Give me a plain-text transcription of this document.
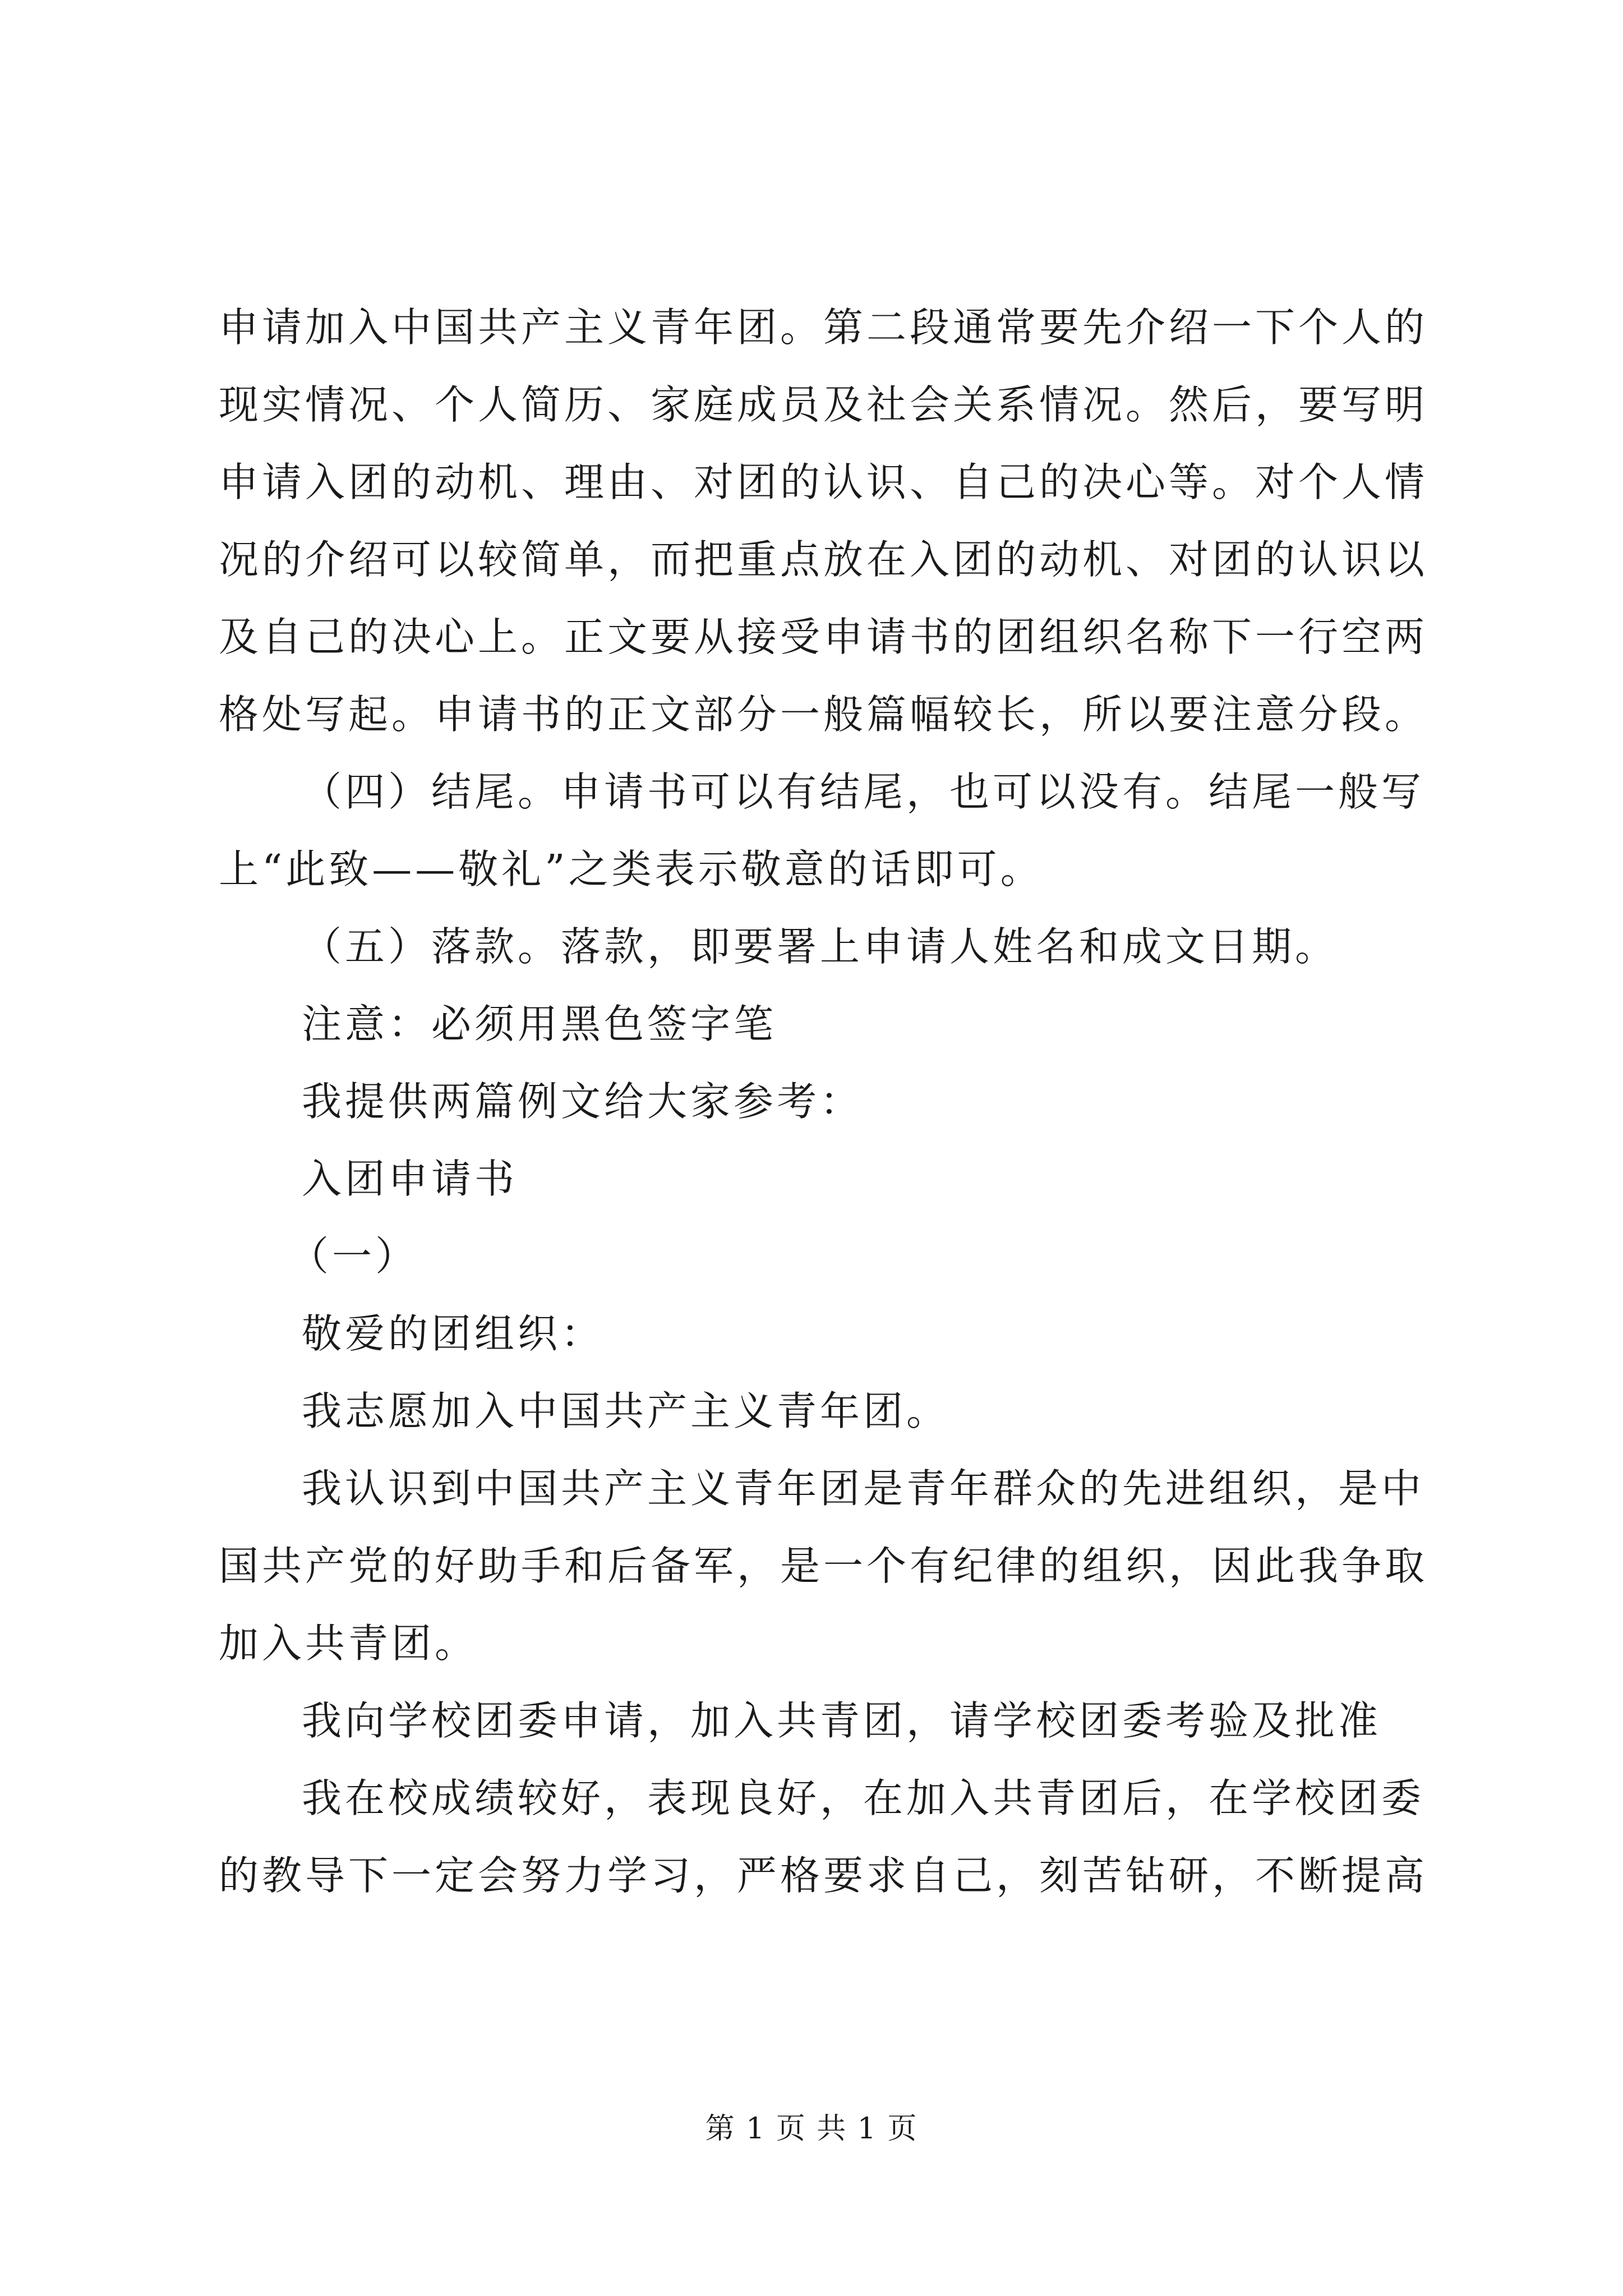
申请加入中国共产主义青年团。第二段通常要先介绍一下个人的
现实情况、个人简历、家庭成员及社会关系情况。然后，要写明
申请入团的动机、理由、对团的认识、自己的决心等。对个人情
况的介绍可以较简单，而把重点放在入团的动机、对团的认识以
及自己的决心上。正文要从接受申请书的团组织名称下一行空两
格处写起。申请书的正文部分一般篇幅较长，所以要注意分段。
（四）结尾。申请书可以有结尾，也可以没有。结尾一般写
上“此致——敬礼”之类表示敬意的话即可。
（五）落款。落款，即要署上申请人姓名和成文日期。
注意：必须用黑色签字笔
我提供两篇例文给大家参考：
入团申请书
（一）
敬爱的团组织：
我志愿加入中国共产主义青年团。
我认识到中国共产主义青年团是青年群众的先进组织，是中
国共产党的好助手和后备军，是一个有纪律的组织，因此我争取
加入共青团。
我向学校团委申请，加入共青团，请学校团委考验及批准
我在校成绩较好，表现良好，在加入共青团后，在学校团委
的教导下一定会努力学习，严格要求自己，刻苦钻研，不断提高
第 1 页 共 1 页
